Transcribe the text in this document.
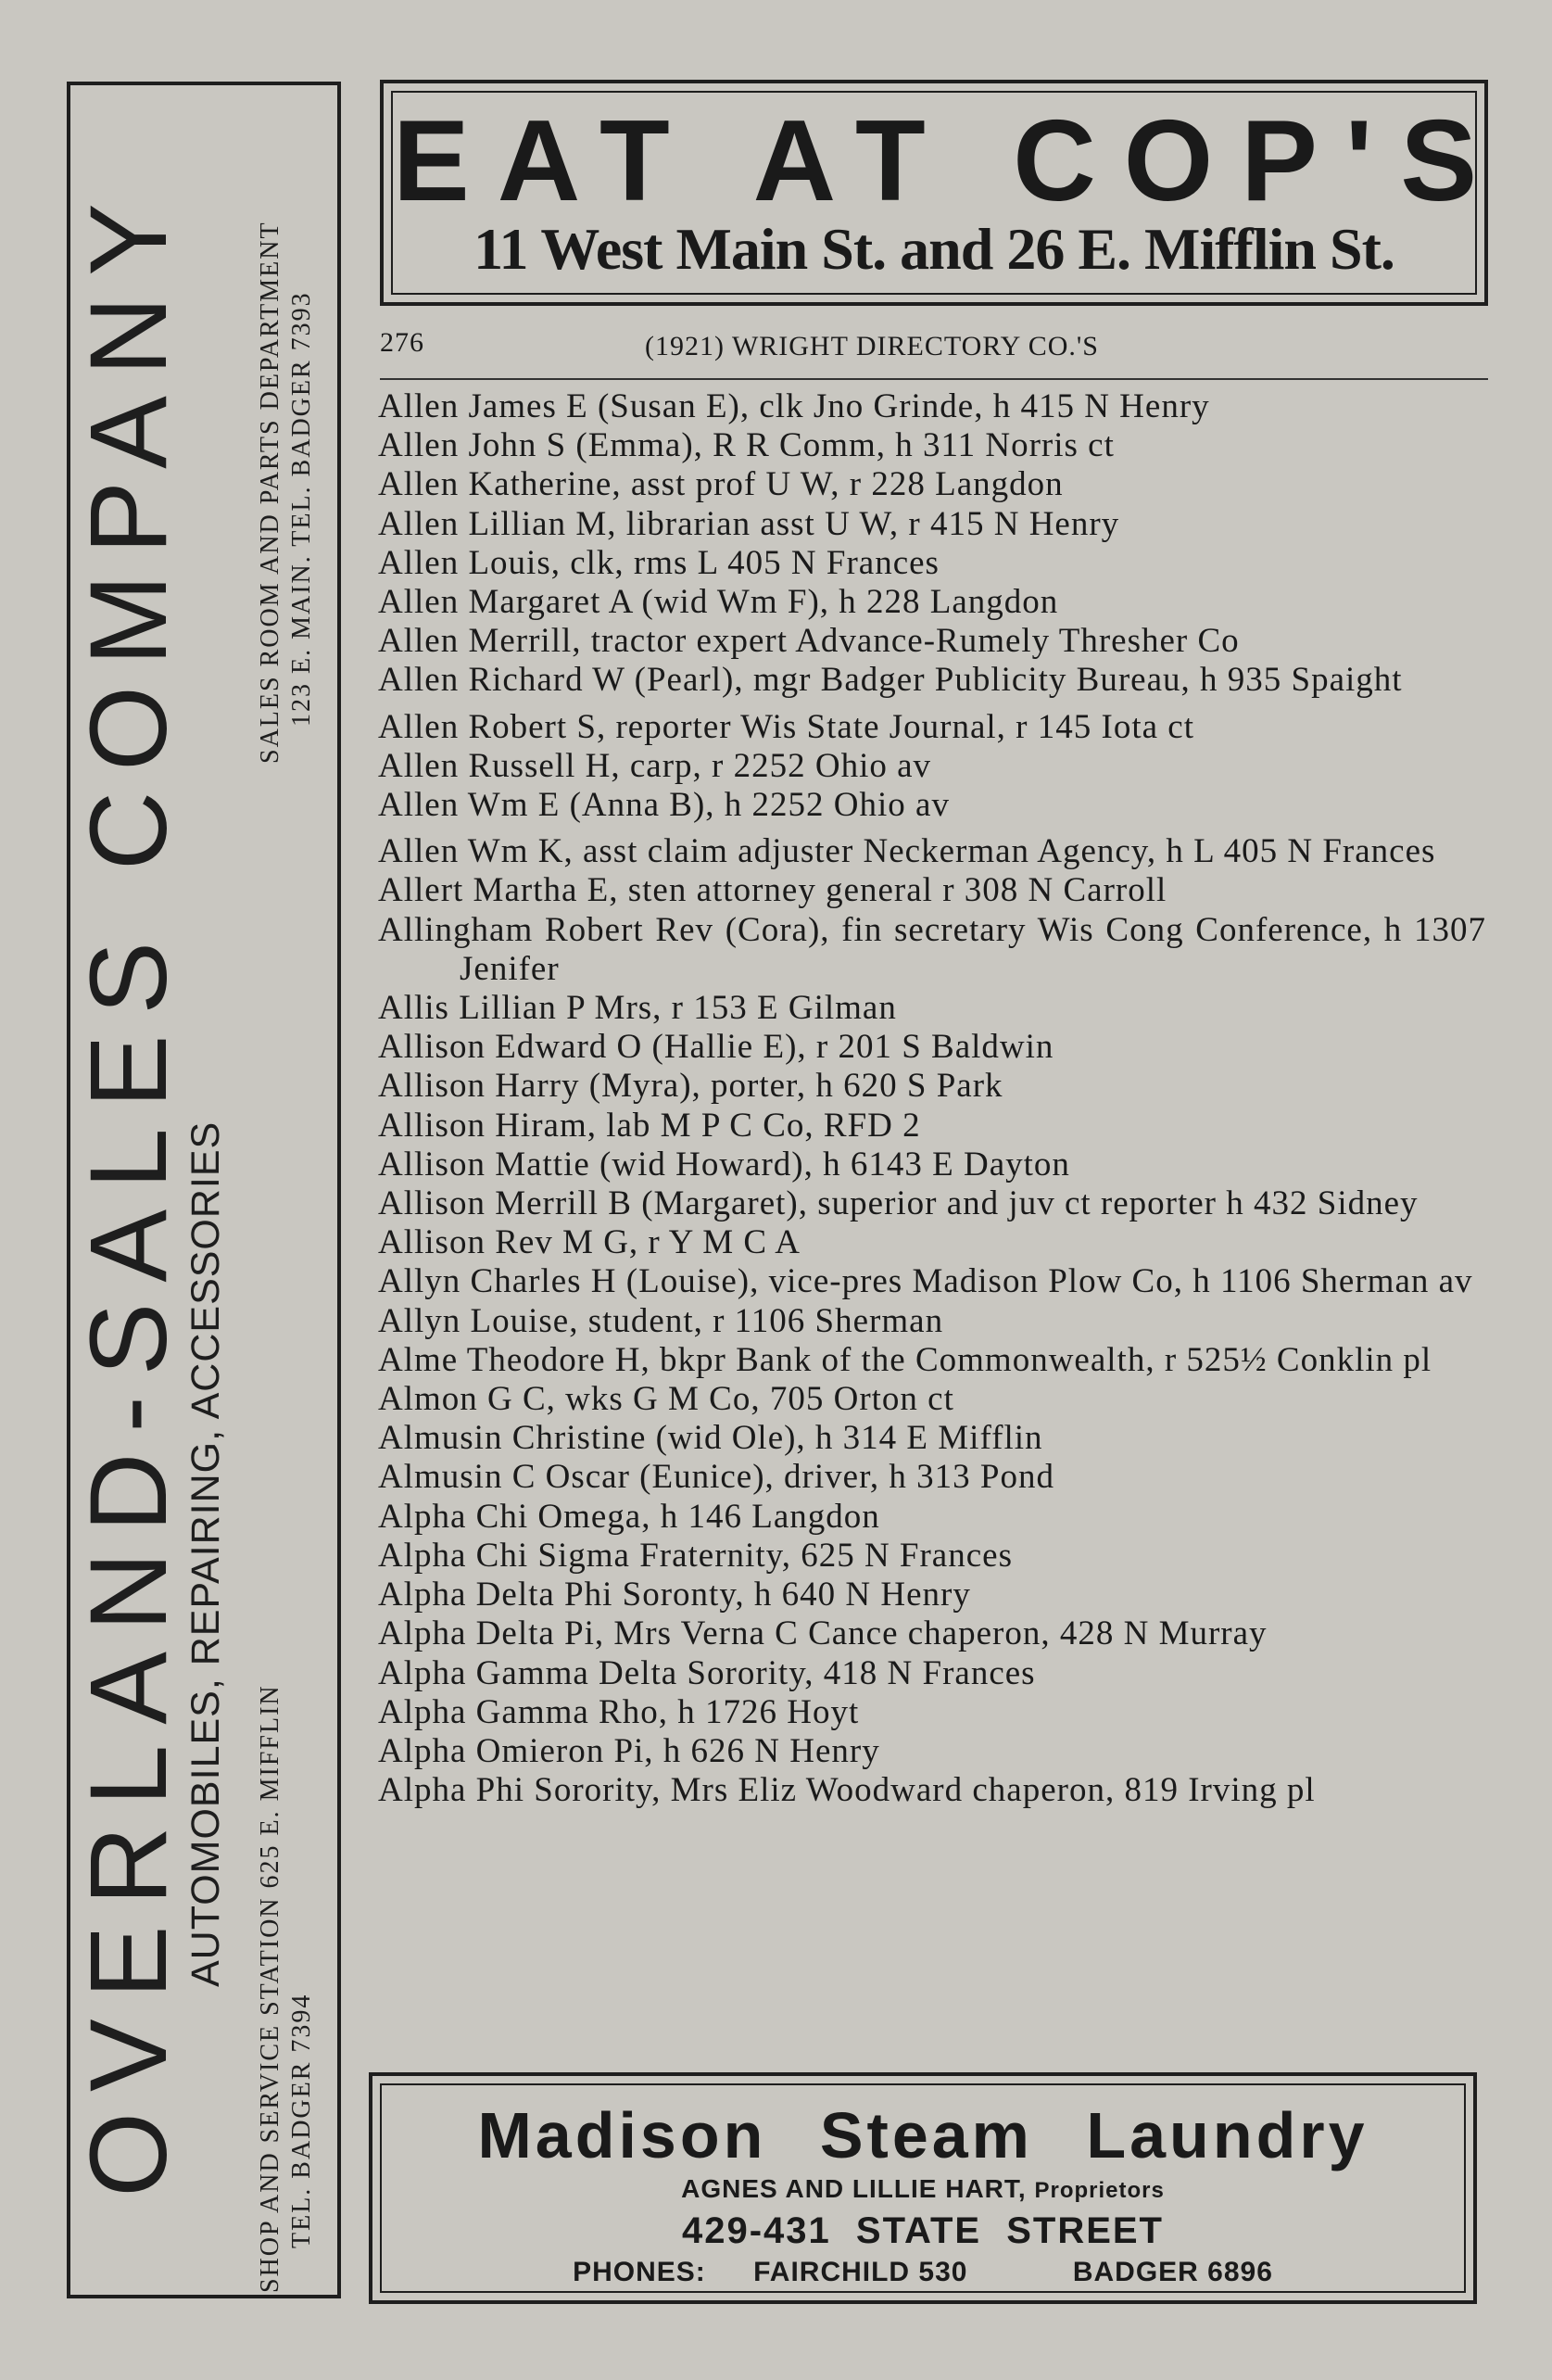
OVERLAND-SALES COMPANY
AUTOMOBILES, REPAIRING, ACCESSORIES
SHOP AND SERVICE STATION 625 E. MIFFLIN TEL. BADGER 7394
SALES ROOM AND PARTS DEPARTMENT 123 E. MAIN. TEL. BADGER 7393
EAT AT COP'S
11 West Main St. and 26 E. Mifflin St.
276	(1921) WRIGHT DIRECTORY CO.'S
Allen James E (Susan E), clk Jno Grinde, h 415 N Henry
Allen John S (Emma), R R Comm, h 311 Norris ct
Allen Katherine, asst prof U W, r 228 Langdon
Allen Lillian M, librarian asst U W, r 415 N Henry
Allen Louis, clk, rms L 405 N Frances
Allen Margaret A (wid Wm F), h 228 Langdon
Allen Merrill, tractor expert Advance-Rumely Thresher Co
Allen Richard W (Pearl), mgr Badger Publicity Bureau, h 935 Spaight
Allen Robert S, reporter Wis State Journal, r 145 Iota ct
Allen Russell H, carp, r 2252 Ohio av
Allen Wm E (Anna B), h 2252 Ohio av
Allen Wm K, asst claim adjuster Neckerman Agency, h L 405 N Frances
Allert Martha E, sten attorney general r 308 N Carroll
Allingham Robert Rev (Cora), fin secretary Wis Cong Conference, h 1307 Jenifer
Allis Lillian P Mrs, r 153 E Gilman
Allison Edward O (Hallie E), r 201 S Baldwin
Allison Harry (Myra), porter, h 620 S Park
Allison Hiram, lab M P C Co, RFD 2
Allison Mattie (wid Howard), h 6143 E Dayton
Allison Merrill B (Margaret), superior and juv ct reporter h 432 Sidney
Allison Rev M G, r Y M C A
Allyn Charles H (Louise), vice-pres Madison Plow Co, h 1106 Sherman av
Allyn Louise, student, r 1106 Sherman
Alme Theodore H, bkpr Bank of the Commonwealth, r 525½ Conklin pl
Almon G C, wks G M Co, 705 Orton ct
Almusin Christine (wid Ole), h 314 E Mifflin
Almusin C Oscar (Eunice), driver, h 313 Pond
Alpha Chi Omega, h 146 Langdon
Alpha Chi Sigma Fraternity, 625 N Frances
Alpha Delta Phi Soronty, h 640 N Henry
Alpha Delta Pi, Mrs Verna C Cance chaperon, 428 N Murray
Alpha Gamma Delta Sorority, 418 N Frances
Alpha Gamma Rho, h 1726 Hoyt
Alpha Omieron Pi, h 626 N Henry
Alpha Phi Sorority, Mrs Eliz Woodward chaperon, 819 Irving pl
Madison Steam Laundry
AGNES AND LILLIE HART, Proprietors
429-431 STATE STREET
PHONES: FAIRCHILD 530	BADGER 6896
